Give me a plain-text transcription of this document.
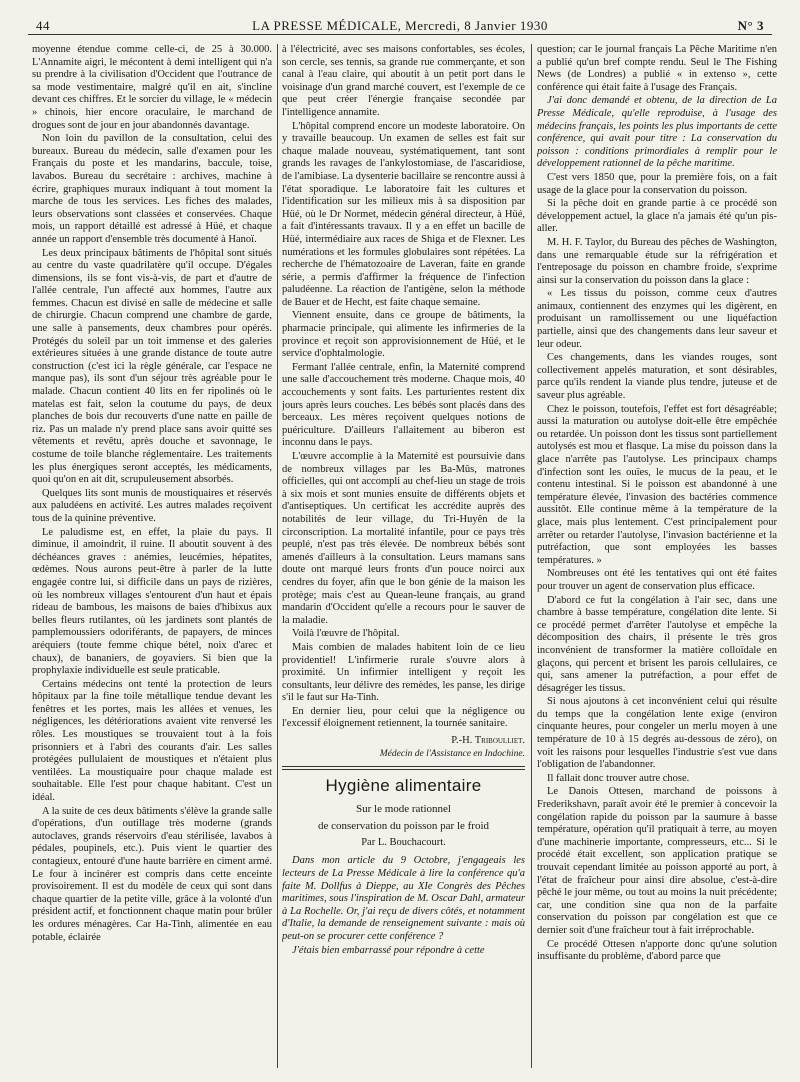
44	LA PRESSE MÉDICALE, Mercredi, 8 Janvier 1930	N° 3

moyenne étendue comme celle-ci, de 25 à 30.000. L'Annamite aigri, le mécontent à demi intelligent qui n'a su prendre à la civilisation d'Occident que l'outrance de sa mode vestimentaire, malgré qu'il en ait, s'incline devant ces chiffres. Et le sorcier du village, le « médecin » chinois, hier encore oraculaire, le marchand de drogues sont de jour en jour abandonnés davantage.

Non loin du pavillon de la consultation, celui des bureaux. Bureau du médecin, salle d'examen pour les Français du poste et les mandarins, baccule, toise, lavabos. Bureau du secrétaire : archives, machine à écrire, graphiques muraux indiquant à tout moment la marche de tous les services. Les fiches des malades, leurs observations sont classées et conservées. Chaque mois, un rapport détaillé est adressé à Hüé, et chaque année un rapport d'ensemble très documenté à Hanoï.

Les deux principaux bâtiments de l'hôpital sont situés au centre du vaste quadrilatère qu'il occupe. D'égales dimensions, ils se font vis-à-vis, de part et d'autre de l'allée centrale, l'un affecté aux hommes, l'autre aux femmes. Chacun est divisé en salle de médecine et salle de chirurgie. Chacun comprend une chambre de garde, une salle à pansements, deux chambres pour opérés. Protégés du soleil par un toit immense et des galeries extérieures situées à une grande distance de toute autre construction (c'est ici la règle générale, car l'espace ne manque pas), ils sont d'un séjour très agréable pour le malade. Chacun contient 40 lits en fer ripolinés où le matelas est fait, selon la coutume du pays, de deux planches de bois dur recouverts d'une natte en paille de riz. Pas un malade n'y prend place sans avoir quitté ses vêtements et revêtu, après douche et savonnage, le costume de toile blanche réglementaire. Les traitements les plus énergiques seront acceptés, les médicaments, quoi qu'on en ait dit, scrupuleusement absorbés.

Quelques lits sont munis de moustiquaires et réservés aux paludéens en activité. Les autres malades reçoivent tous de la quinine préventive.

Le paludisme est, en effet, la plaie du pays. Il diminue, il amoindrit, il ruine. Il aboutit souvent à des déchéances graves : anémies, leucémies, hépatites, œdèmes. Nous aurons peut-être à parler de la lutte engagée contre lui, si difficile dans un pays de rizières, où les nombreux villages s'entourent d'un haut et épais rideau de bambous, les maisons de baies d'hibixus aux belles fleurs rutilantes, où les jardinets sont plantés de pamplemoussiers odoriférants, de papayers, de minces aréquiers (toute femme chique bétel, noix d'arec et chaux), de bananiers, de goyaviers. Si bien que la prophylaxie individuelle est seule praticable.

Certains médecins ont tenté la protection de leurs hôpitaux par la fine toile métallique tendue devant les fenêtres et les portes, mais les allées et venues, les négligences, les détériorations avaient vite renversé les rôles. Les moustiques se trouvaient tout à la fois prisonniers et à l'abri des courants d'air. Les salles protégées pullulaient de moustiques et n'étaient plus ventilées. La moustiquaire pour chaque malade est souhaitable. Elle l'est pour chaque habitant. C'est un idéal.

A la suite de ces deux bâtiments s'élève la grande salle d'opérations, d'un outillage très moderne (grands autoclaves, grands réservoirs d'eau stérilisée, lavabos à pédales, poupinels, etc.). Puis vient le quartier des contagieux, entouré d'une haute barrière en ciment armé. Le four à incinérer est compris dans cette enceinte provisoirement. Il est du modèle de ceux qui sont dans chaque quartier de la petite ville, grâce à la volonté d'un président actif, et fonctionnent chaque matin pour brûler les ordures ménagères. Car Ha-Tinh, alimentée en eau potable, éclairée

à l'électricité, avec ses maisons confortables, ses écoles, son cercle, ses tennis, sa grande rue commerçante, et son canal à l'eau claire, qui aboutit à un petit port dans le voisinage d'un grand marché couvert, est l'exemple de ce que peut créer l'énergie française secondée par l'intelligence annamite.

L'hôpital comprend encore un modeste laboratoire. On y travaille beaucoup. Un examen de selles est fait sur chaque malade nouveau, systématiquement, tant sont grands les ravages de l'ankylostomiase, de l'ascaridiose, de l'amibiase. La dysenterie bacillaire se rencontre aussi à l'état sporadique. Le laboratoire fait les cultures et l'identification sur les milieux mis à sa disposition par Hüé, où le Dr Normet, médecin général directeur, à Hüé, a fait d'intéressants travaux. Il y a en effet un bacille de Hüé, intermédiaire aux races de Shiga et de Flexner. Les numérations et les formules globulaires sont répétées. La recherche de l'hématozoaire de Laveran, faite en grande série, a permis d'affirmer la fréquence de l'infection paludéenne. La réaction de l'antigène, selon la méthode de Bauer et de Hecht, est faite chaque semaine.

Viennent ensuite, dans ce groupe de bâtiments, la pharmacie principale, qui alimente les infirmeries de la province et reçoit son approvisionnement de Hüé, et le service d'ophtalmologie.

Fermant l'allée centrale, enfin, la Maternité comprend une salle d'accouchement très moderne. Chaque mois, 40 accouchements y sont faits. Les parturientes restent dix jours après leurs couches. Les bébés sont placés dans des berceaux. Les mères reçoivent quelques notions de puériculture. D'ailleurs l'allaitement au biberon est inconnu dans le pays.

L'œuvre accomplie à la Maternité est poursuivie dans de nombreux villages par les Ba-Mûs, matrones officielles, qui ont accompli au chef-lieu un stage de trois à six mois et sont munies ensuite de différents objets et d'antiseptiques. Un certificat les accrédite auprès des notabilités de leur village, du Tri-Huyên de la circonscription. La mortalité infantile, pour ce pays très peuplé, n'est pas très élevée. De nombreux bébés sont amenés d'ailleurs à la consultation. Leurs mamans sans doute ont marqué leurs fronts d'un pouce noirci aux cendres du foyer, afin que le bon génie de la maison les protège; mais c'est au Quean-leune français, au grand mandarin d'Occident qu'elle a recours pour le sauver de la maladie.

Voilà l'œuvre de l'hôpital.

Mais combien de malades habitent loin de ce lieu providentiel! L'infirmerie rurale s'ouvre alors à proximité. Un infirmier intelligent y reçoit les consultants, leur délivre des remèdes, les panse, les dirige s'il le faut sur Ha-Tinh.

En dernier lieu, pour celui que la négligence ou l'excessif éloignement retiennent, la tournée sanitaire.

P.-H. Triboulliet.
Médecin de l'Assistance en Indochine.
Hygiène alimentaire
Sur le mode rationnel
de conservation du poisson par le froid
Par L. Bouchacourt.

Dans mon article du 9 Octobre, j'engageais les lecteurs de La Presse Médicale à lire la conférence qu'a faite M. Dollfus à Dieppe, au XIe Congrès des Pêches maritimes, sous l'inspiration de M. Oscar Dahl, armateur à La Rochelle. Or, j'ai reçu de divers côtés, et notamment d'Italie, la demande de renseignement suivante : mais où peut-on se procurer cette conférence ?

J'étais bien embarrassé pour répondre à cette

question; car le journal français La Pêche Maritime n'en a publié qu'un bref compte rendu. Seul le The Fishing News (de Londres) a publié « in extenso », cette conférence qui était faite à l'usage des Français.

J'ai donc demandé et obtenu, de la direction de La Presse Médicale, qu'elle reproduise, à l'usage des médecins français, les points les plus importants de cette conférence, qui avait pour titre : La conservation du poisson : conditions primordiales à remplir pour le développement rationnel de la pêche maritime.

C'est vers 1850 que, pour la première fois, on a fait usage de la glace pour la conservation du poisson.

Si la pêche doit en grande partie à ce procédé son développement actuel, la glace n'a jamais été qu'un pis-aller.

M. H. F. Taylor, du Bureau des pêches de Washington, dans une remarquable étude sur la réfrigération et l'entreposage du poisson en chambre froide, s'exprime ainsi sur la conservation du poisson dans la glace :

« Les tissus du poisson, comme ceux d'autres animaux, contiennent des enzymes qui les digèrent, en produisant un ramollissement ou une liquéfaction partielle, ainsi que des changements dans leur saveur et leur odeur.

Ces changements, dans les viandes rouges, sont collectivement appelés maturation, et sont désirables, parce qu'ils rendent la viande plus tendre, juteuse et de saveur plus agréable.

Chez le poisson, toutefois, l'effet est fort désagréable; aussi la maturation ou autolyse doit-elle être empêchée ou retardée. Un poisson dont les tissus sont partiellement autolysés est mou et flasque. La mise du poisson dans la glace n'arrête pas l'autolyse. Les principaux champs d'infection sont les ouïes, le mucus de la peau, et le contenu intestinal. Si le poisson est abandonné à une température élevée, l'invasion des bactéries commence aussitôt. Elle continue même à la température de la glace, mais plus lentement. C'est principalement pour arrêter ou retarder l'autolyse, l'invasion bactérienne et la putréfaction, que sont employées les basses températures. »

Nombreuses ont été les tentatives qui ont été faites pour trouver un agent de conservation plus efficace.

D'abord ce fut la congélation à l'air sec, dans une chambre à basse température, congélation dite lente. Si ce procédé permet d'arrêter l'autolyse et empêche la décomposition des chairs, il présente le très gros inconvénient de transformer la matière colloïdale en glaçons, qui percent et brisent les parois cellulaires, ce qui, sans amener la putréfaction, a pour effet de désagréger les tissus.

Si nous ajoutons à cet inconvénient celui qui résulte du temps que la congélation lente exige (environ cinquante heures, pour congeler un merlu moyen à une température de 10 à 15 degrés au-dessous de zéro), on voit les raisons pour lesquelles l'industrie s'est vue dans l'obligation de l'abandonner.

Il fallait donc trouver autre chose.

Le Danois Ottesen, marchand de poissons à Frederikshavn, paraît avoir été le premier à concevoir la congélation rapide du poisson par la saumure à basse température, opération qu'il pratiquait à terre, au moyen d'une machinerie importante, compresseurs, etc... Si le procédé était excellent, son application pratique se trouvait cependant limitée au poisson apporté au port, à l'état de fraîcheur pour ainsi dire absolue, c'est-à-dire pêché le jour même, ou tout au moins la nuit précédente; car, une condition sine qua non de la parfaite conservation du poisson par congélation est que ce dernier soit d'une fraîcheur tout à fait irréprochable.

Ce procédé Ottesen n'apporte donc qu'une solution insuffisante du problème, d'abord parce que
